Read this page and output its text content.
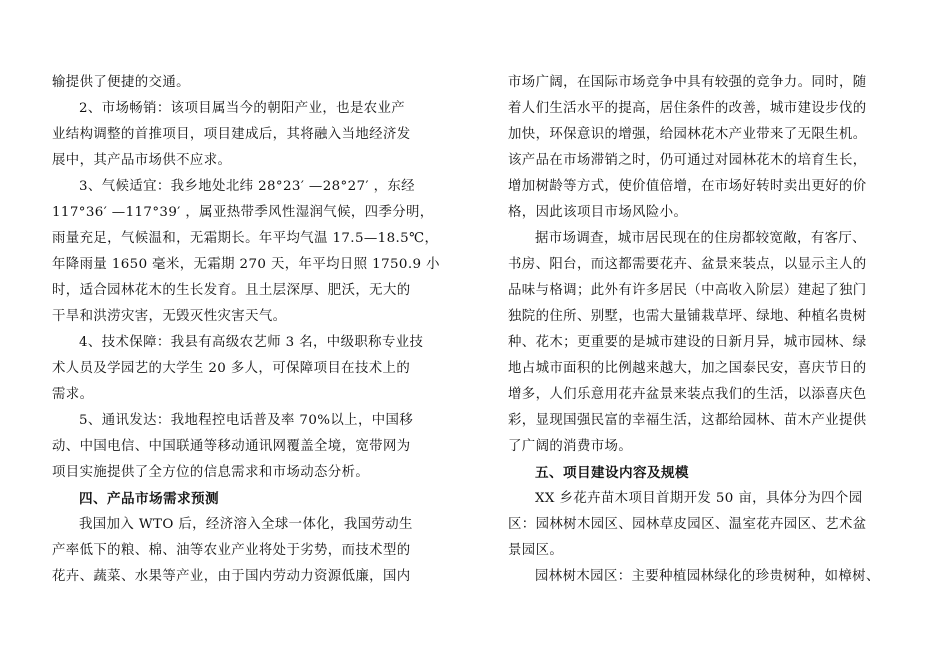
输提供了便捷的交通。
2、市场畅销：该项目属当今的朝阳产业，也是农业产
业结构调整的首推项目，项目建成后，其将融入当地经济发
展中，其产品市场供不应求。
3、气候适宜：我乡地处北纬 28°23′ —28°27′ ，东经
117°36′ —117°39′ ，属亚热带季风性湿润气候，四季分明，
雨量充足，气候温和，无霜期长。年平均气温 17.5—18.5℃，
年降雨量 1650 毫米，无霜期 270 天，年平均日照 1750.9 小
时，适合园林花木的生长发育。且土层深厚、肥沃，无大的
干旱和洪涝灾害，无毁灭性灾害天气。
4、技术保障：我县有高级农艺师 3 名，中级职称专业技
术人员及学园艺的大学生 20 多人，可保障项目在技术上的
需求。
5、通讯发达：我地程控电话普及率 70%以上，中国移
动、中国电信、中国联通等移动通讯网覆盖全境，宽带网为
项目实施提供了全方位的信息需求和市场动态分析。
四、产品市场需求预测
我国加入 WTO 后，经济溶入全球一体化，我国劳动生
产率低下的粮、棉、油等农业产业将处于劣势，而技术型的
花卉、蔬菜、水果等产业，由于国内劳动力资源低廉，国内
市场广阔，在国际市场竞争中具有较强的竞争力。同时，随
着人们生活水平的提高，居住条件的改善，城市建设步伐的
加快，环保意识的增强，给园林花木产业带来了无限生机。
该产品在市场滞销之时，仍可通过对园林花木的培育生长，
增加树龄等方式，使价值倍增，在市场好转时卖出更好的价
格，因此该项目市场风险小。
据市场调查，城市居民现在的住房都较宽敞，有客厅、
书房、阳台，而这都需要花卉、盆景来装点，以显示主人的
品味与格调；此外有许多居民（中高收入阶层）建起了独门
独院的住所、别墅，也需大量铺栽草坪、绿地、种植名贵树
种、花木；更重要的是城市建设的日新月异，城市园林、绿
地占城市面积的比例越来越大，加之国泰民安，喜庆节日的
增多，人们乐意用花卉盆景来装点我们的生活，以添喜庆色
彩，显现国强民富的幸福生活，这都给园林、苗木产业提供
了广阔的消费市场。
五、项目建设内容及规模
XX 乡花卉苗木项目首期开发 50 亩，具体分为四个园
区：园林树木园区、园林草皮园区、温室花卉园区、艺术盆
景园区。
园林树木园区：主要种植园林绿化的珍贵树种，如樟树、
